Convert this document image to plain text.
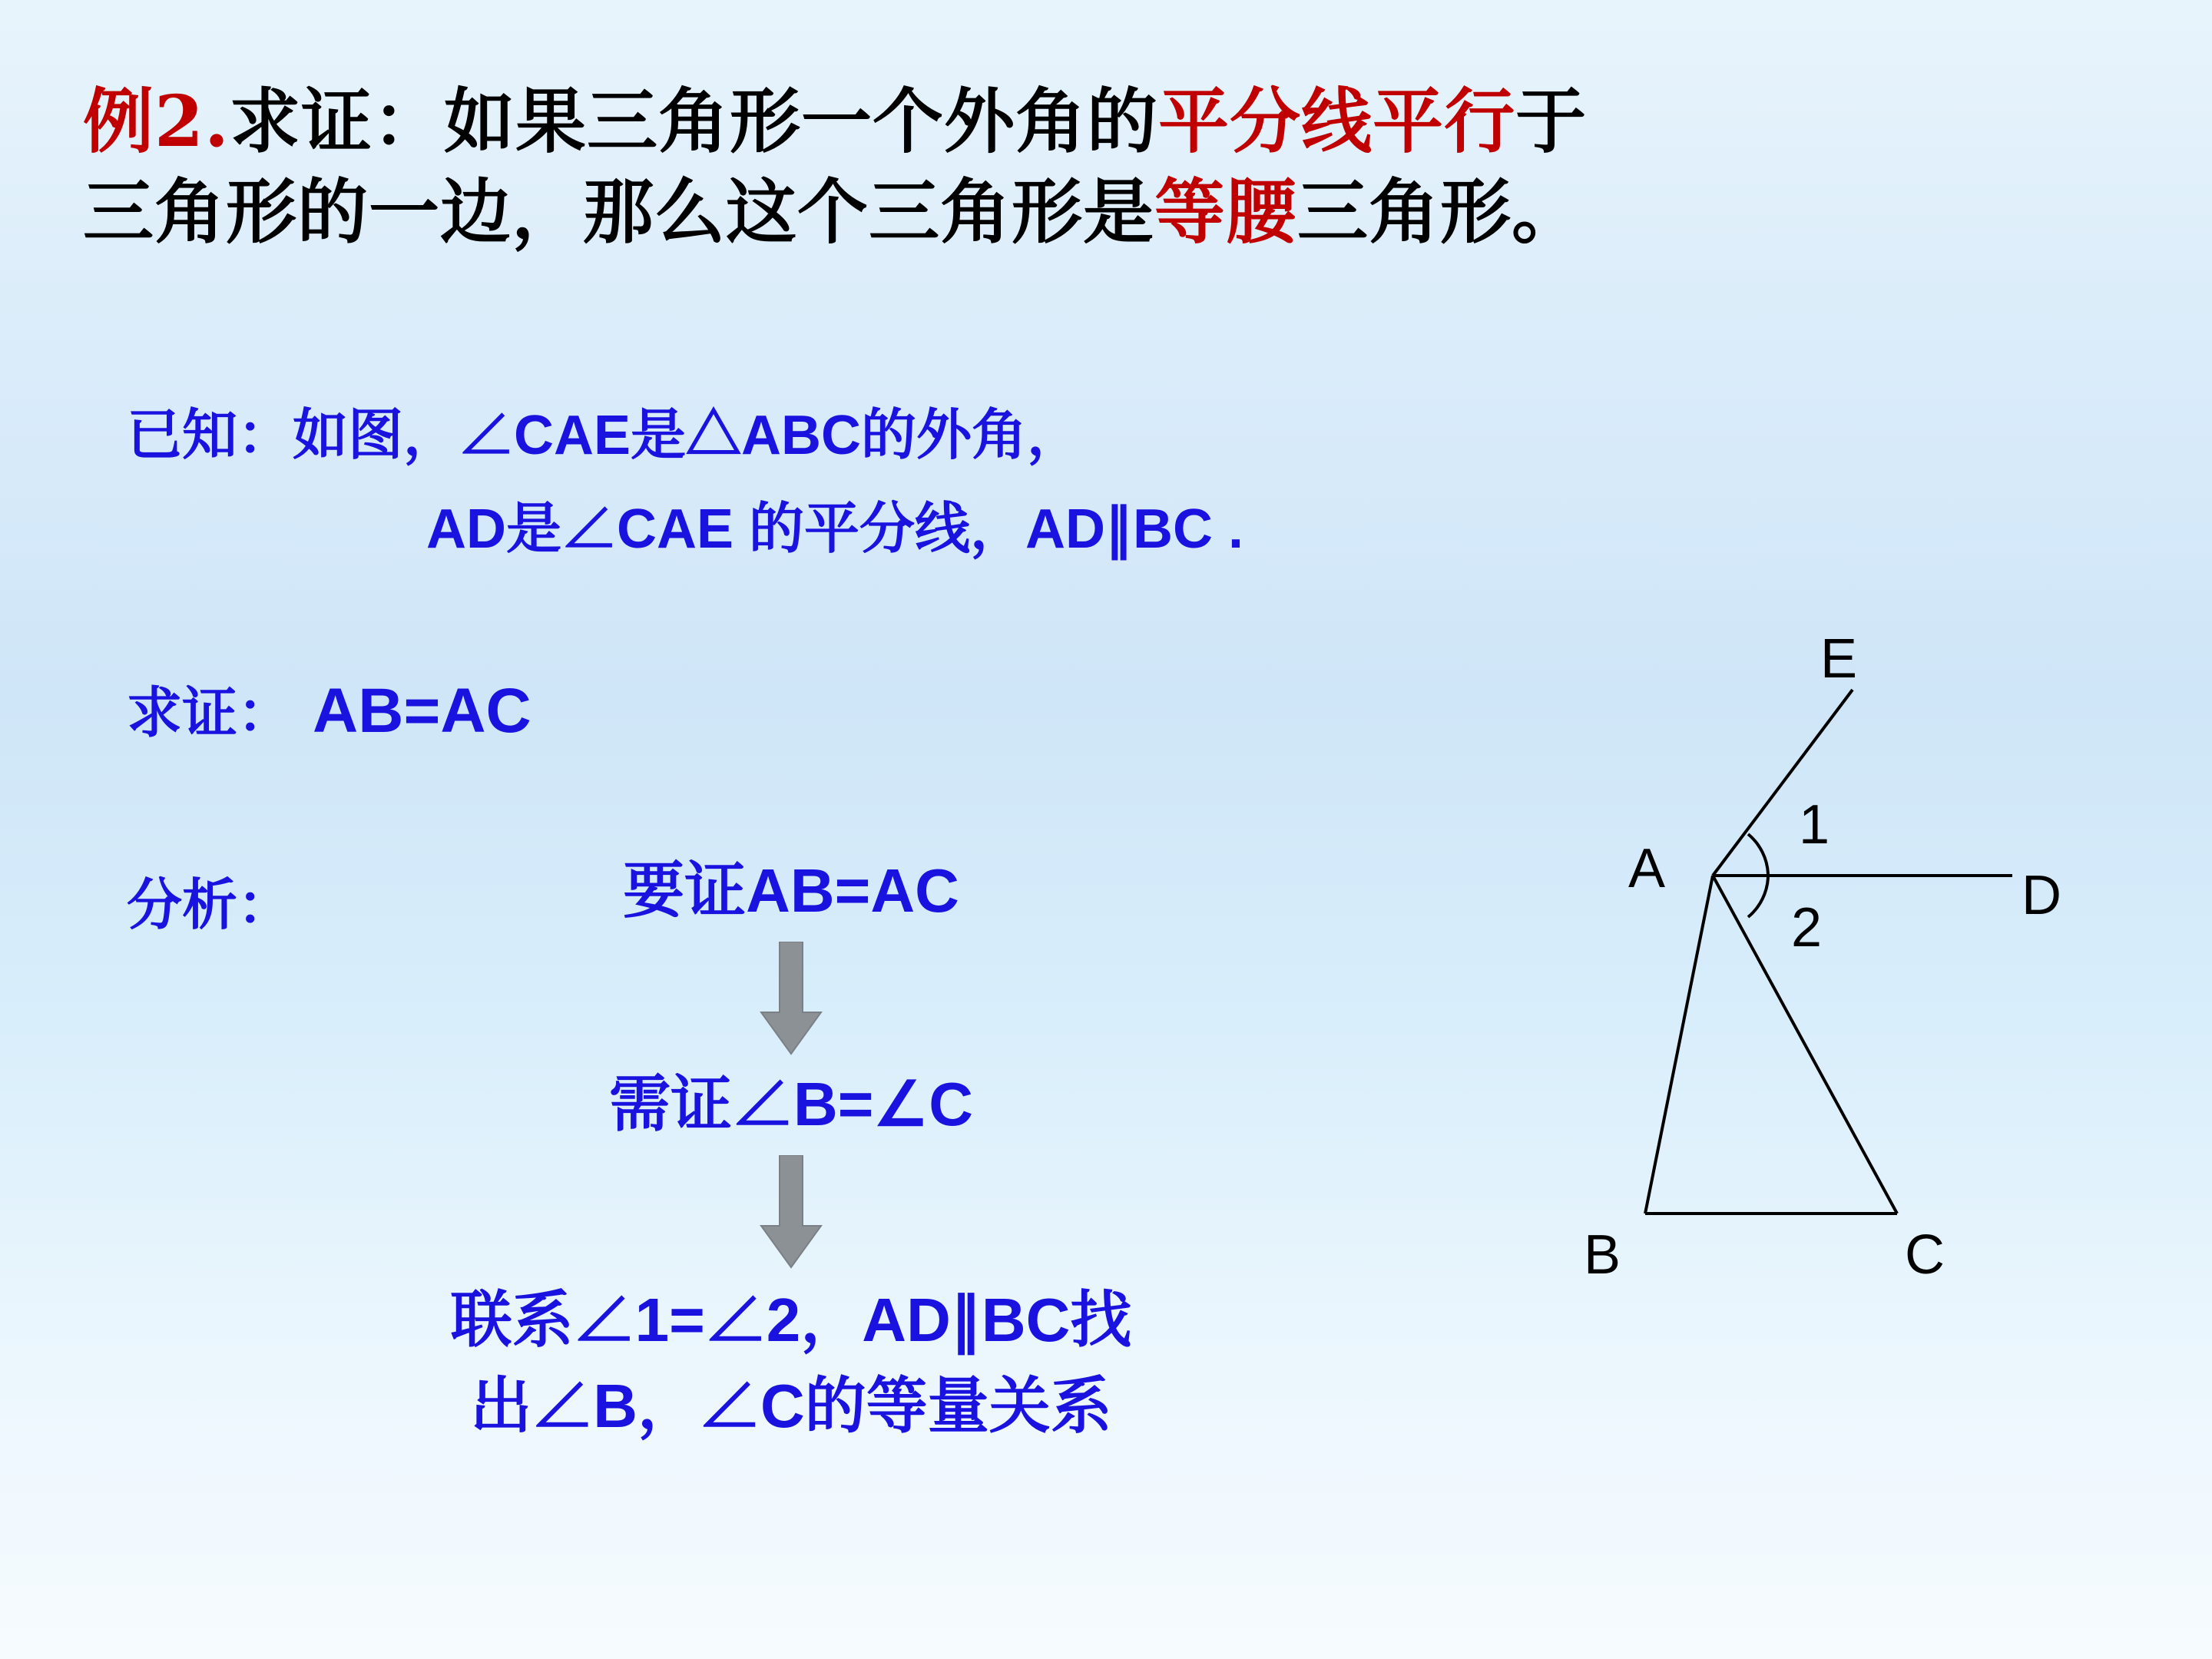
例2.求证：如果三角形一个外角的平分线平行于
三角形的一边，那么这个三角形是等腰三角形。
已知：如图，∠CAE是△ABC的外角，
AD是∠CAE 的平分线，AD∥BC .
求证： AB=AC
分析：	要证AB=AC
需证∠B=∠C
联系∠1=∠2，AD∥BC找
出∠B，∠C的等量关系
E
A
1
2
D
B	C
